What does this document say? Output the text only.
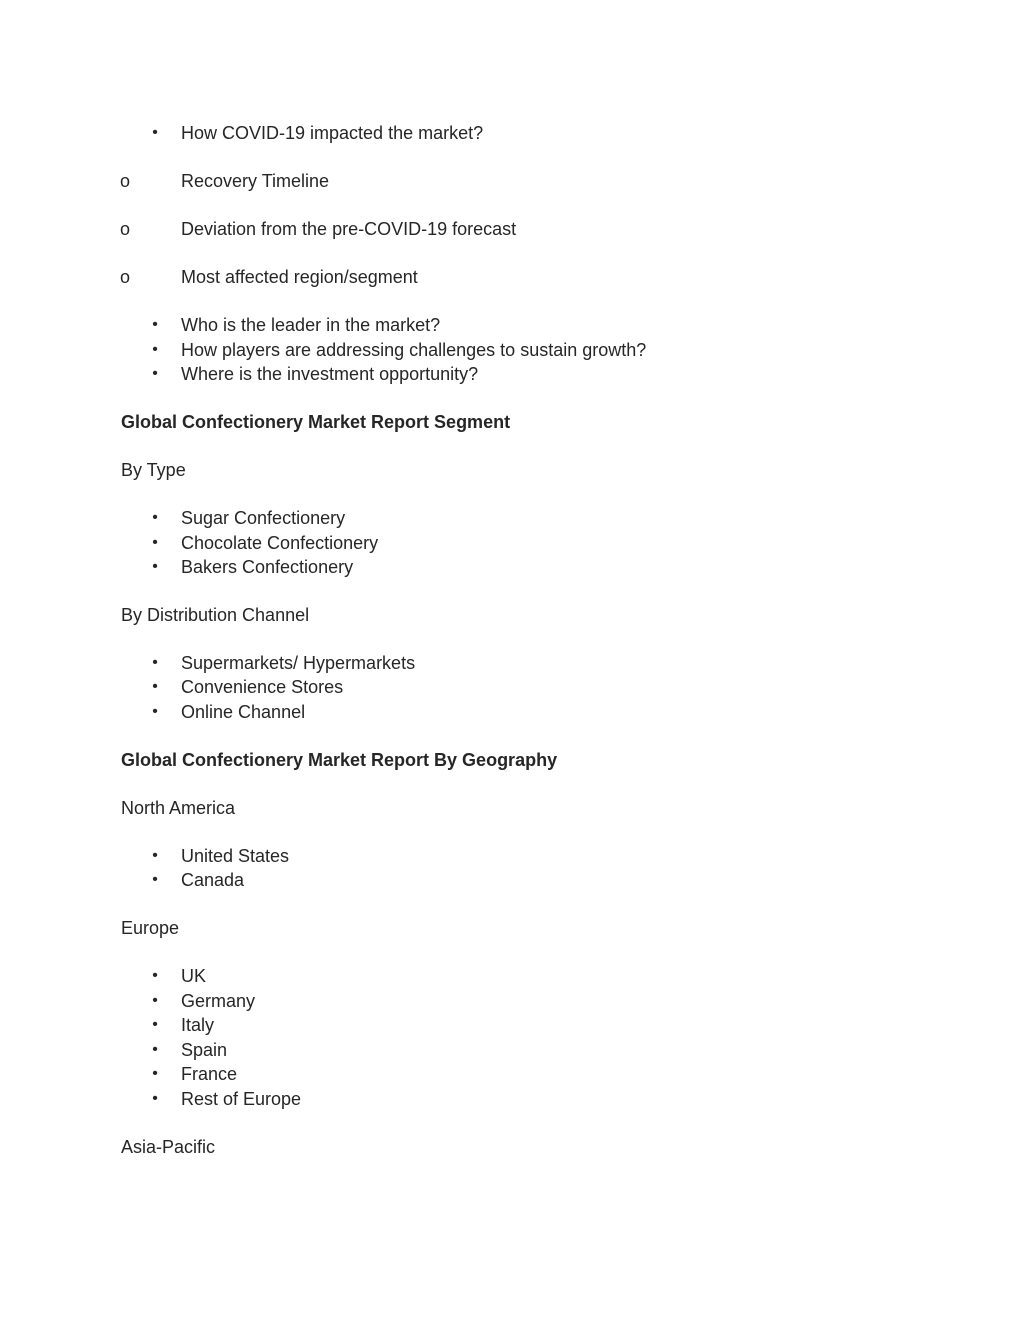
• How COVID-19 impacted the market?
o	Recovery Timeline
o	Deviation from the pre-COVID-19 forecast
o	Most affected region/segment
• Who is the leader in the market?
• How players are addressing challenges to sustain growth?
• Where is the investment opportunity?
Global Confectionery Market Report Segment
By Type
• Sugar Confectionery
• Chocolate Confectionery
• Bakers Confectionery
By Distribution Channel
• Supermarkets/ Hypermarkets
• Convenience Stores
• Online Channel
Global Confectionery Market Report By Geography
North America
• United States
• Canada
Europe
• UK
• Germany
• Italy
• Spain
• France
• Rest of Europe
Asia-Pacific
